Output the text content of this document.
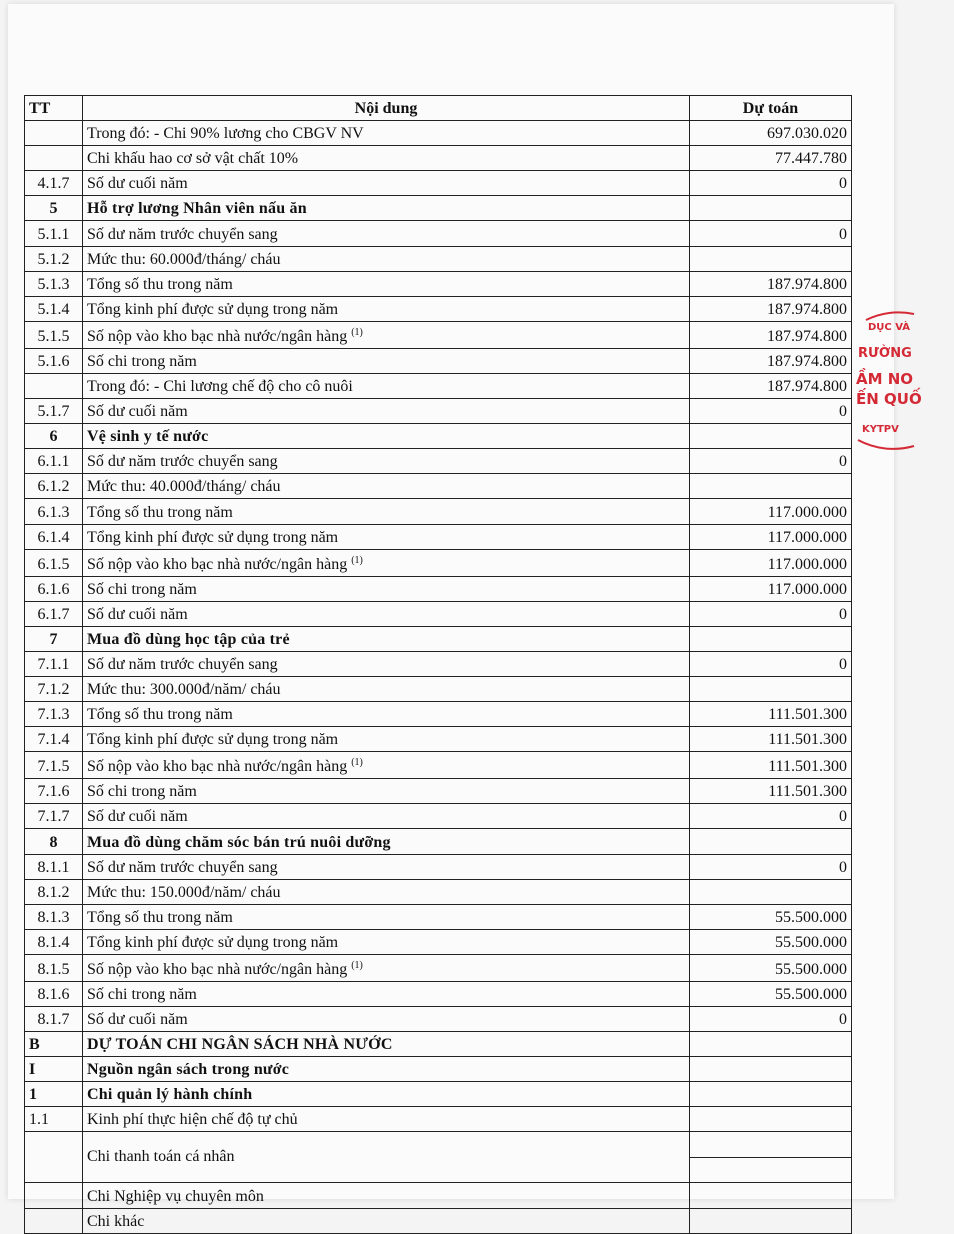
TT	Nội dung	Dự toán
	Trong đó: - Chi 90% lương cho CBGV NV	697.030.020
	Chi khấu hao cơ sở vật chất 10%	77.447.780
4.1.7	Số dư cuối năm	0
5	Hỗ trợ lương Nhân viên nấu ăn	
5.1.1	Số dư năm trước chuyển sang	0
5.1.2	Mức thu: 60.000đ/tháng/ cháu	
5.1.3	Tổng số thu trong năm	187.974.800
5.1.4	Tổng kinh phí được sử dụng trong năm	187.974.800
5.1.5	Số nộp vào kho bạc nhà nước/ngân hàng $^{(1)}$	187.974.800
5.1.6	Số chi trong năm	187.974.800
	Trong đó: - Chi lương chế độ cho cô nuôi	187.974.800
5.1.7	Số dư cuối năm	0
6	Vệ sinh y tế nước	
6.1.1	Số dư năm trước chuyển sang	0
6.1.2	Mức thu: 40.000đ/tháng/ cháu	
6.1.3	Tổng số thu trong năm	117.000.000
6.1.4	Tổng kinh phí được sử dụng trong năm	117.000.000
6.1.5	Số nộp vào kho bạc nhà nước/ngân hàng $^{(1)}$	117.000.000
6.1.6	Số chi trong năm	117.000.000
6.1.7	Số dư cuối năm	0
7	Mua đồ dùng học tập của trẻ	
7.1.1	Số dư năm trước chuyển sang	0
7.1.2	Mức thu: 300.000đ/năm/ cháu	
7.1.3	Tổng số thu trong năm	111.501.300
7.1.4	Tổng kinh phí được sử dụng trong năm	111.501.300
7.1.5	Số nộp vào kho bạc nhà nước/ngân hàng $^{(1)}$	111.501.300
7.1.6	Số chi trong năm	111.501.300
7.1.7	Số dư cuối năm	0
8	Mua đồ dùng chăm sóc bán trú nuôi dưỡng	
8.1.1	Số dư năm trước chuyển sang	0
8.1.2	Mức thu: 150.000đ/năm/ cháu	
8.1.3	Tổng số thu trong năm	55.500.000
8.1.4	Tổng kinh phí được sử dụng trong năm	55.500.000
8.1.5	Số nộp vào kho bạc nhà nước/ngân hàng $^{(1)}$	55.500.000
8.1.6	Số chi trong năm	55.500.000
8.1.7	Số dư cuối năm	0
B	DỰ TOÁN CHI NGÂN SÁCH NHÀ NƯỚC	
I	Nguồn ngân sách trong nước	
1	Chi quản lý hành chính	
1.1	Kinh phí thực hiện chế độ tự chủ	
	Chi thanh toán cá nhân	

	Chi Nghiệp vụ chuyên môn	
	Chi khác	
DỤC VÀ
RƯỜNG
ẦM NO
ẾN QUỐ
KYTPV
